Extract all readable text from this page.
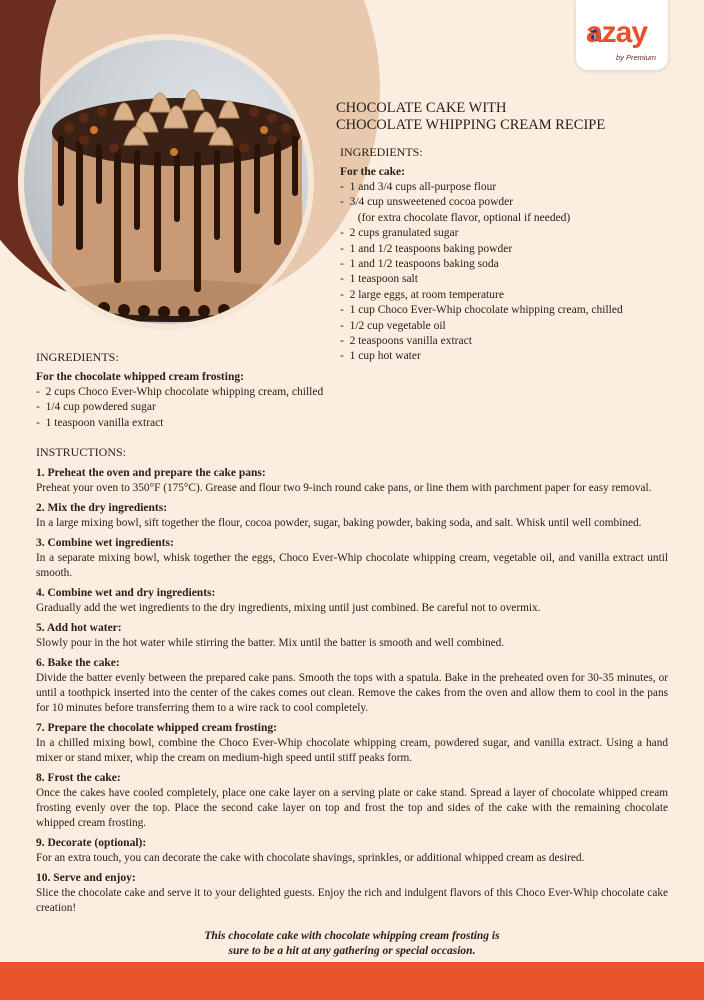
azay
by Premium
CHOCOLATE CAKE WITH
CHOCOLATE WHIPPING CREAM RECIPE
INGREDIENTS:
For the cake:
-  1 and 3/4 cups all-purpose flour
-  3/4 cup unsweetened cocoa powder
(for extra chocolate flavor, optional if needed)
-  2 cups granulated sugar
-  1 and 1/2 teaspoons baking powder
-  1 and 1/2 teaspoons baking soda
-  1 teaspoon salt
-  2 large eggs, at room temperature
-  1 cup Choco Ever-Whip chocolate whipping cream, chilled
-  1/2 cup vegetable oil
-  2 teaspoons vanilla extract
-  1 cup hot water
INGREDIENTS:
For the chocolate whipped cream frosting:
-  2 cups Choco Ever-Whip chocolate whipping cream, chilled
-  1/4 cup powdered sugar
-  1 teaspoon vanilla extract
INSTRUCTIONS:
1. Preheat the oven and prepare the cake pans:
Preheat your oven to 350°F (175°C). Grease and flour two 9-inch round cake pans, or line them with parchment paper for easy removal.
2. Mix the dry ingredients:
In a large mixing bowl, sift together the flour, cocoa powder, sugar, baking powder, baking soda, and salt. Whisk until well combined.
3. Combine wet ingredients:
In a separate mixing bowl, whisk together the eggs, Choco Ever-Whip chocolate whipping cream, vegetable oil, and vanilla extract until smooth.
4. Combine wet and dry ingredients:
Gradually add the wet ingredients to the dry ingredients, mixing until just combined. Be careful not to overmix.
5. Add hot water:
Slowly pour in the hot water while stirring the batter. Mix until the batter is smooth and well combined.
6. Bake the cake:
Divide the batter evenly between the prepared cake pans. Smooth the tops with a spatula. Bake in the preheated oven for 30-35 minutes, or until a toothpick inserted into the center of the cakes comes out clean. Remove the cakes from the oven and allow them to cool in the pans for 10 minutes before transferring them to a wire rack to cool completely.
7. Prepare the chocolate whipped cream frosting:
In a chilled mixing bowl, combine the Choco Ever-Whip chocolate whipping cream, powdered sugar, and vanilla extract. Using a hand mixer or stand mixer, whip the cream on medium-high speed until stiff peaks form.
8. Frost the cake:
Once the cakes have cooled completely, place one cake layer on a serving plate or cake stand. Spread a layer of chocolate whipped cream frosting evenly over the top. Place the second cake layer on top and frost the top and sides of the cake with the remaining chocolate whipped cream frosting.
9. Decorate (optional):
For an extra touch, you can decorate the cake with chocolate shavings, sprinkles, or additional whipped cream as desired.
10. Serve and enjoy:
Slice the chocolate cake and serve it to your delighted guests. Enjoy the rich and indulgent flavors of this Choco Ever-Whip chocolate cake creation!
This chocolate cake with chocolate whipping cream frosting is
sure to be a hit at any gathering or special occasion.
